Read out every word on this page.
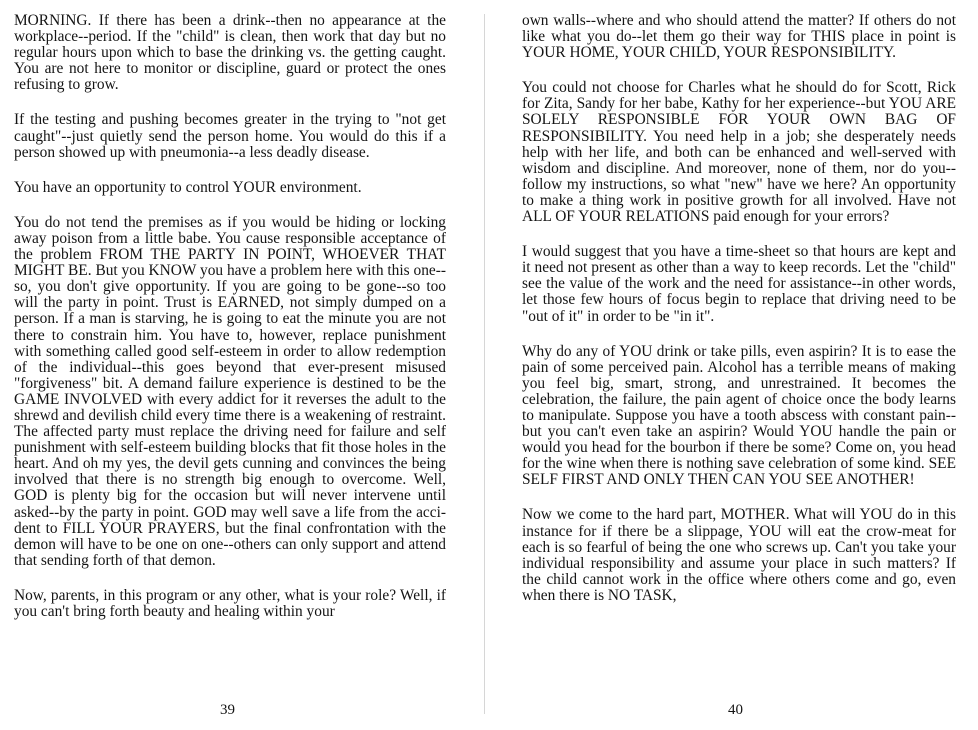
MORNING. If there has been a drink--then no appearance at the workplace--period. If the "child" is clean, then work that day but no regular hours upon which to base the drinking vs. the getting caught. You are not here to monitor or discipline, guard or protect the ones refusing to grow.

If the testing and pushing becomes greater in the trying to "not get caught"--just quietly send the person home. You would do this if a person showed up with pneumonia--a less deadly disease.

You have an opportunity to control YOUR environment.

You do not tend the premises as if you would be hiding or locking away poison from a little babe. You cause responsible acceptance of the problem FROM THE PARTY IN POINT, WHOEVER THAT MIGHT BE. But you KNOW you have a problem here with this one--so, you don't give opportunity. If you are going to be gone--so too will the party in point. Trust is EARNED, not simply dumped on a person. If a man is starving, he is going to eat the minute you are not there to constrain him. You have to, however, replace punishment with something called good self-esteem in order to allow redemption of the individual--this goes beyond that ever-present misused "forgiveness" bit. A demand failure experience is destined to be the GAME INVOLVED with every addict for it reverses the adult to the shrewd and devilish child every time there is a weakening of restraint. The affected party must replace the driving need for failure and self punishment with self-esteem building blocks that fit those holes in the heart. And oh my yes, the devil gets cunning and convinces the being involved that there is no strength big enough to overcome. Well, GOD is plenty big for the occasion but will never intervene until asked--by the party in point. GOD may well save a life from the accident to FILL YOUR PRAYERS, but the final confrontation with the demon will have to be one on one--others can only support and attend that sending forth of that demon.

Now, parents, in this program or any other, what is your role? Well, if you can't bring forth beauty and healing within your

own walls--where and who should attend the matter? If others do not like what you do--let them go their way for THIS place in point is YOUR HOME, YOUR CHILD, YOUR RESPONSIBILITY.

You could not choose for Charles what he should do for Scott, Rick for Zita, Sandy for her babe, Kathy for her experience--but YOU ARE SOLELY RESPONSIBLE FOR YOUR OWN BAG OF RESPONSIBILITY. You need help in a job; she desperately needs help with her life, and both can be enhanced and well-served with wisdom and discipline. And moreover, none of them, nor do you--follow my instructions, so what "new" have we here? An opportunity to make a thing work in positive growth for all involved. Have not ALL OF YOUR RELATIONS paid enough for your errors?

I would suggest that you have a time-sheet so that hours are kept and it need not present as other than a way to keep records. Let the "child" see the value of the work and the need for assistance--in other words, let those few hours of focus begin to replace that driving need to be "out of it" in order to be "in it".

Why do any of YOU drink or take pills, even aspirin? It is to ease the pain of some perceived pain. Alcohol has a terrible means of making you feel big, smart, strong, and unrestrained. It becomes the celebration, the failure, the pain agent of choice once the body learns to manipulate. Suppose you have a tooth abscess with constant pain--but you can't even take an aspirin? Would YOU handle the pain or would you head for the bourbon if there be some? Come on, you head for the wine when there is nothing save celebration of some kind. SEE SELF FIRST AND ONLY THEN CAN YOU SEE ANOTHER!

Now we come to the hard part, MOTHER. What will YOU do in this instance for if there be a slippage, YOU will eat the crow-meat for each is so fearful of being the one who screws up. Can't you take your individual responsibility and assume your place in such matters? If the child cannot work in the office where others come and go, even when there is NO TASK,

39	40
